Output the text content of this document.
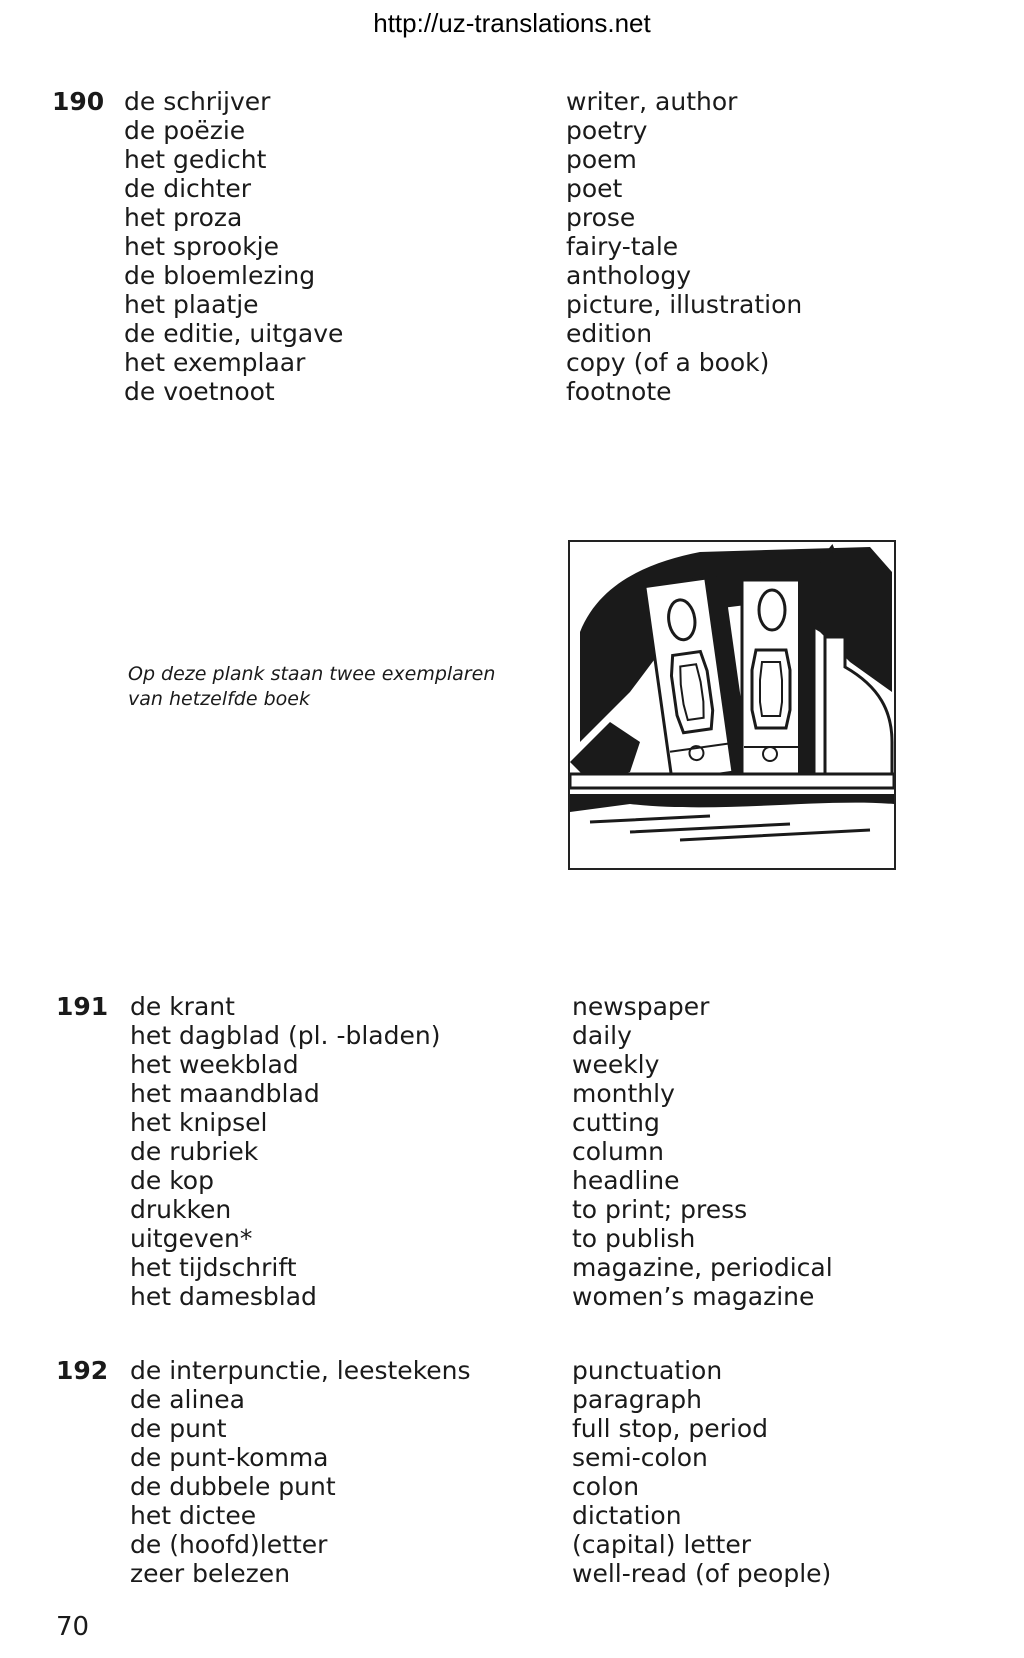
http://uz-translations.net
190 de schrijver	writer, author
de poëzie	poetry
het gedicht	poem
de dichter	poet
het proza	prose
het sprookje	fairy-tale
de bloemlezing	anthology
het plaatje	picture, illustration
de editie, uitgave	edition
het exemplaar	copy (of a book)
de voetnoot	footnote
Op deze plank staan twee exemplaren
van hetzelfde boek
191 de krant	newspaper
het dagblad (pl. -bladen)	daily
het weekblad	weekly
het maandblad	monthly
het knipsel	cutting
de rubriek	column
de kop	headline
drukken	to print; press
uitgeven*	to publish
het tijdschrift	magazine, periodical
het damesblad	women’s magazine
192 de interpunctie, leestekens	punctuation
de alinea	paragraph
de punt	full stop, period
de punt-komma	semi-colon
de dubbele punt	colon
het dictee	dictation
de (hoofd)letter	(capital) letter
zeer belezen	well-read (of people)
70
